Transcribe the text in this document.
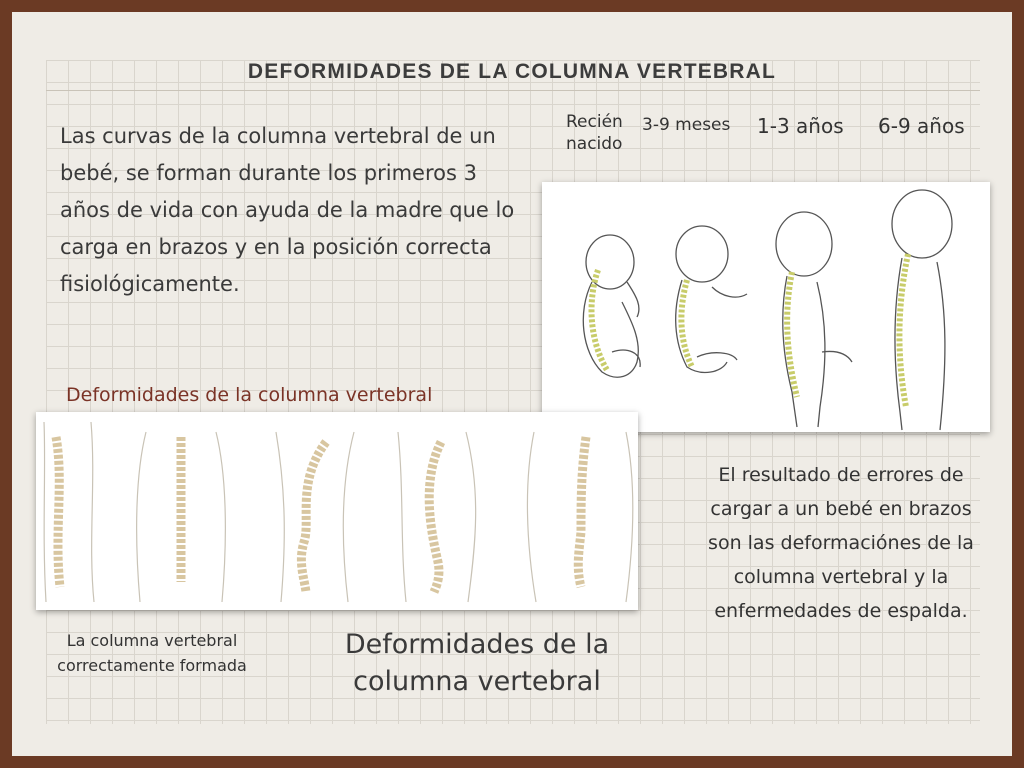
DEFORMIDADES DE LA COLUMNA VERTEBRAL
Las curvas de la columna vertebral de un bebé, se forman durante los primeros 3 años de vida con ayuda de la madre que lo carga en brazos y en la posición correcta fisiológicamente.
Recién nacido
3-9 meses 1-3 años 6-9 años
Deformidades de la columna vertebral
La columna vertebral correctamente formada
Deformidades de la columna vertebral
El resultado de errores de cargar a un bebé en brazos son las deformaciónes de la columna vertebral y la enfermedades de espalda.
